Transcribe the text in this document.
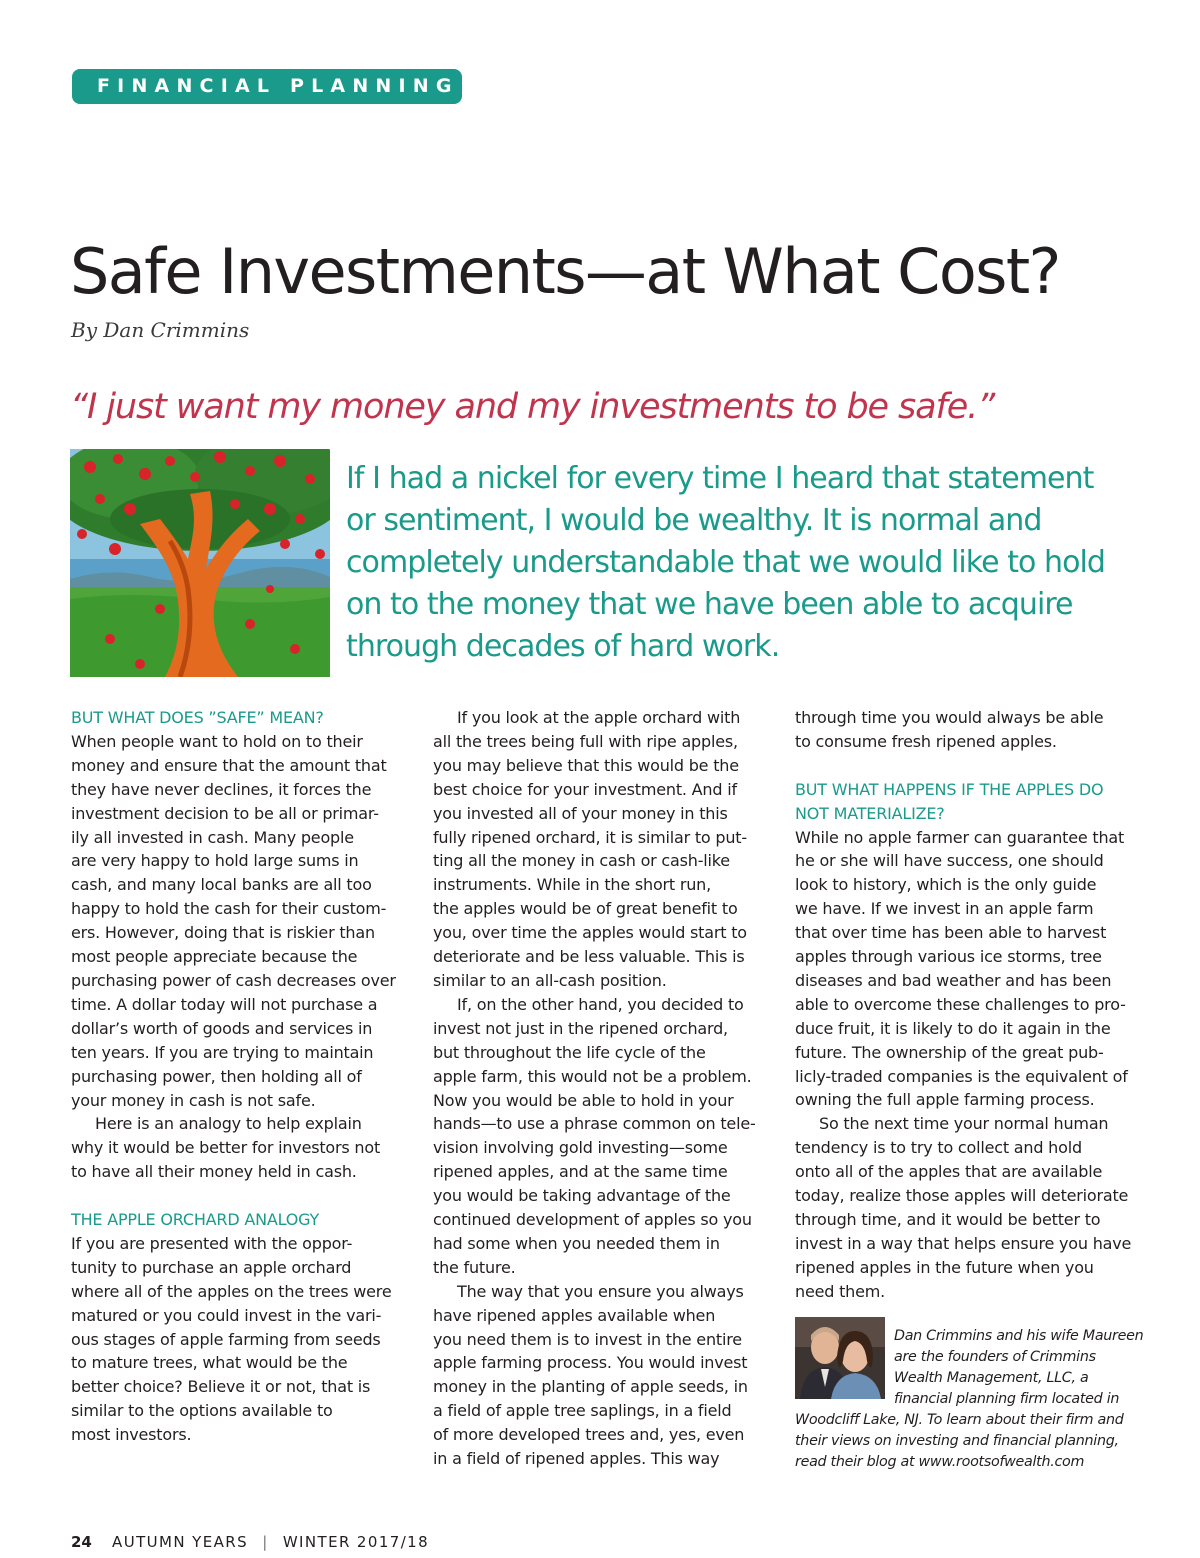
FINANCIAL PLANNING
Safe Investments—at What Cost?
By Dan Crimmins
“I just want my money and my investments to be safe.”
If I had a nickel for every time I heard that statement
or sentiment, I would be wealthy. It is normal and
completely understandable that we would like to hold
on to the money that we have been able to acquire
through decades of hard work.
BUT WHAT DOES ”SAFE” MEAN?
When people want to hold on to their
money and ensure that the amount that
they have never declines, it forces the
investment decision to be all or primar-
ily all invested in cash. Many people
are very happy to hold large sums in
cash, and many local banks are all too
happy to hold the cash for their custom-
ers. However, doing that is riskier than
most people appreciate because the
purchasing power of cash decreases over
time. A dollar today will not purchase a
dollar’s worth of goods and services in
ten years. If you are trying to maintain
purchasing power, then holding all of
your money in cash is not safe.
Here is an analogy to help explain
why it would be better for investors not
to have all their money held in cash.
THE APPLE ORCHARD ANALOGY
If you are presented with the oppor-
tunity to purchase an apple orchard
where all of the apples on the trees were
matured or you could invest in the vari-
ous stages of apple farming from seeds
to mature trees, what would be the
better choice? Believe it or not, that is
similar to the options available to
most investors.
If you look at the apple orchard with
all the trees being full with ripe apples,
you may believe that this would be the
best choice for your investment. And if
you invested all of your money in this
fully ripened orchard, it is similar to put-
ting all the money in cash or cash-like
instruments. While in the short run,
the apples would be of great benefit to
you, over time the apples would start to
deteriorate and be less valuable. This is
similar to an all-cash position.
If, on the other hand, you decided to
invest not just in the ripened orchard,
but throughout the life cycle of the
apple farm, this would not be a problem.
Now you would be able to hold in your
hands—to use a phrase common on tele-
vision involving gold investing—some
ripened apples, and at the same time
you would be taking advantage of the
continued development of apples so you
had some when you needed them in
the future.
The way that you ensure you always
have ripened apples available when
you need them is to invest in the entire
apple farming process. You would invest
money in the planting of apple seeds, in
a field of apple tree saplings, in a field
of more developed trees and, yes, even
in a field of ripened apples. This way
through time you would always be able
to consume fresh ripened apples.
BUT WHAT HAPPENS IF THE APPLES DO
NOT MATERIALIZE?
While no apple farmer can guarantee that
he or she will have success, one should
look to history, which is the only guide
we have. If we invest in an apple farm
that over time has been able to harvest
apples through various ice storms, tree
diseases and bad weather and has been
able to overcome these challenges to pro-
duce fruit, it is likely to do it again in the
future. The ownership of the great pub-
licly-traded companies is the equivalent of
owning the full apple farming process.
So the next time your normal human
tendency is to try to collect and hold
onto all of the apples that are available
today, realize those apples will deteriorate
through time, and it would be better to
invest in a way that helps ensure you have
ripened apples in the future when you
need them.
Dan Crimmins and his wife Maureen
are the founders of Crimmins
Wealth Management, LLC, a
financial planning firm located in
Woodcliff Lake, NJ. To learn about their firm and
their views on investing and financial planning,
read their blog at www.rootsofwealth.com
24 AUTUMN YEARS | WINTER 2017/18
